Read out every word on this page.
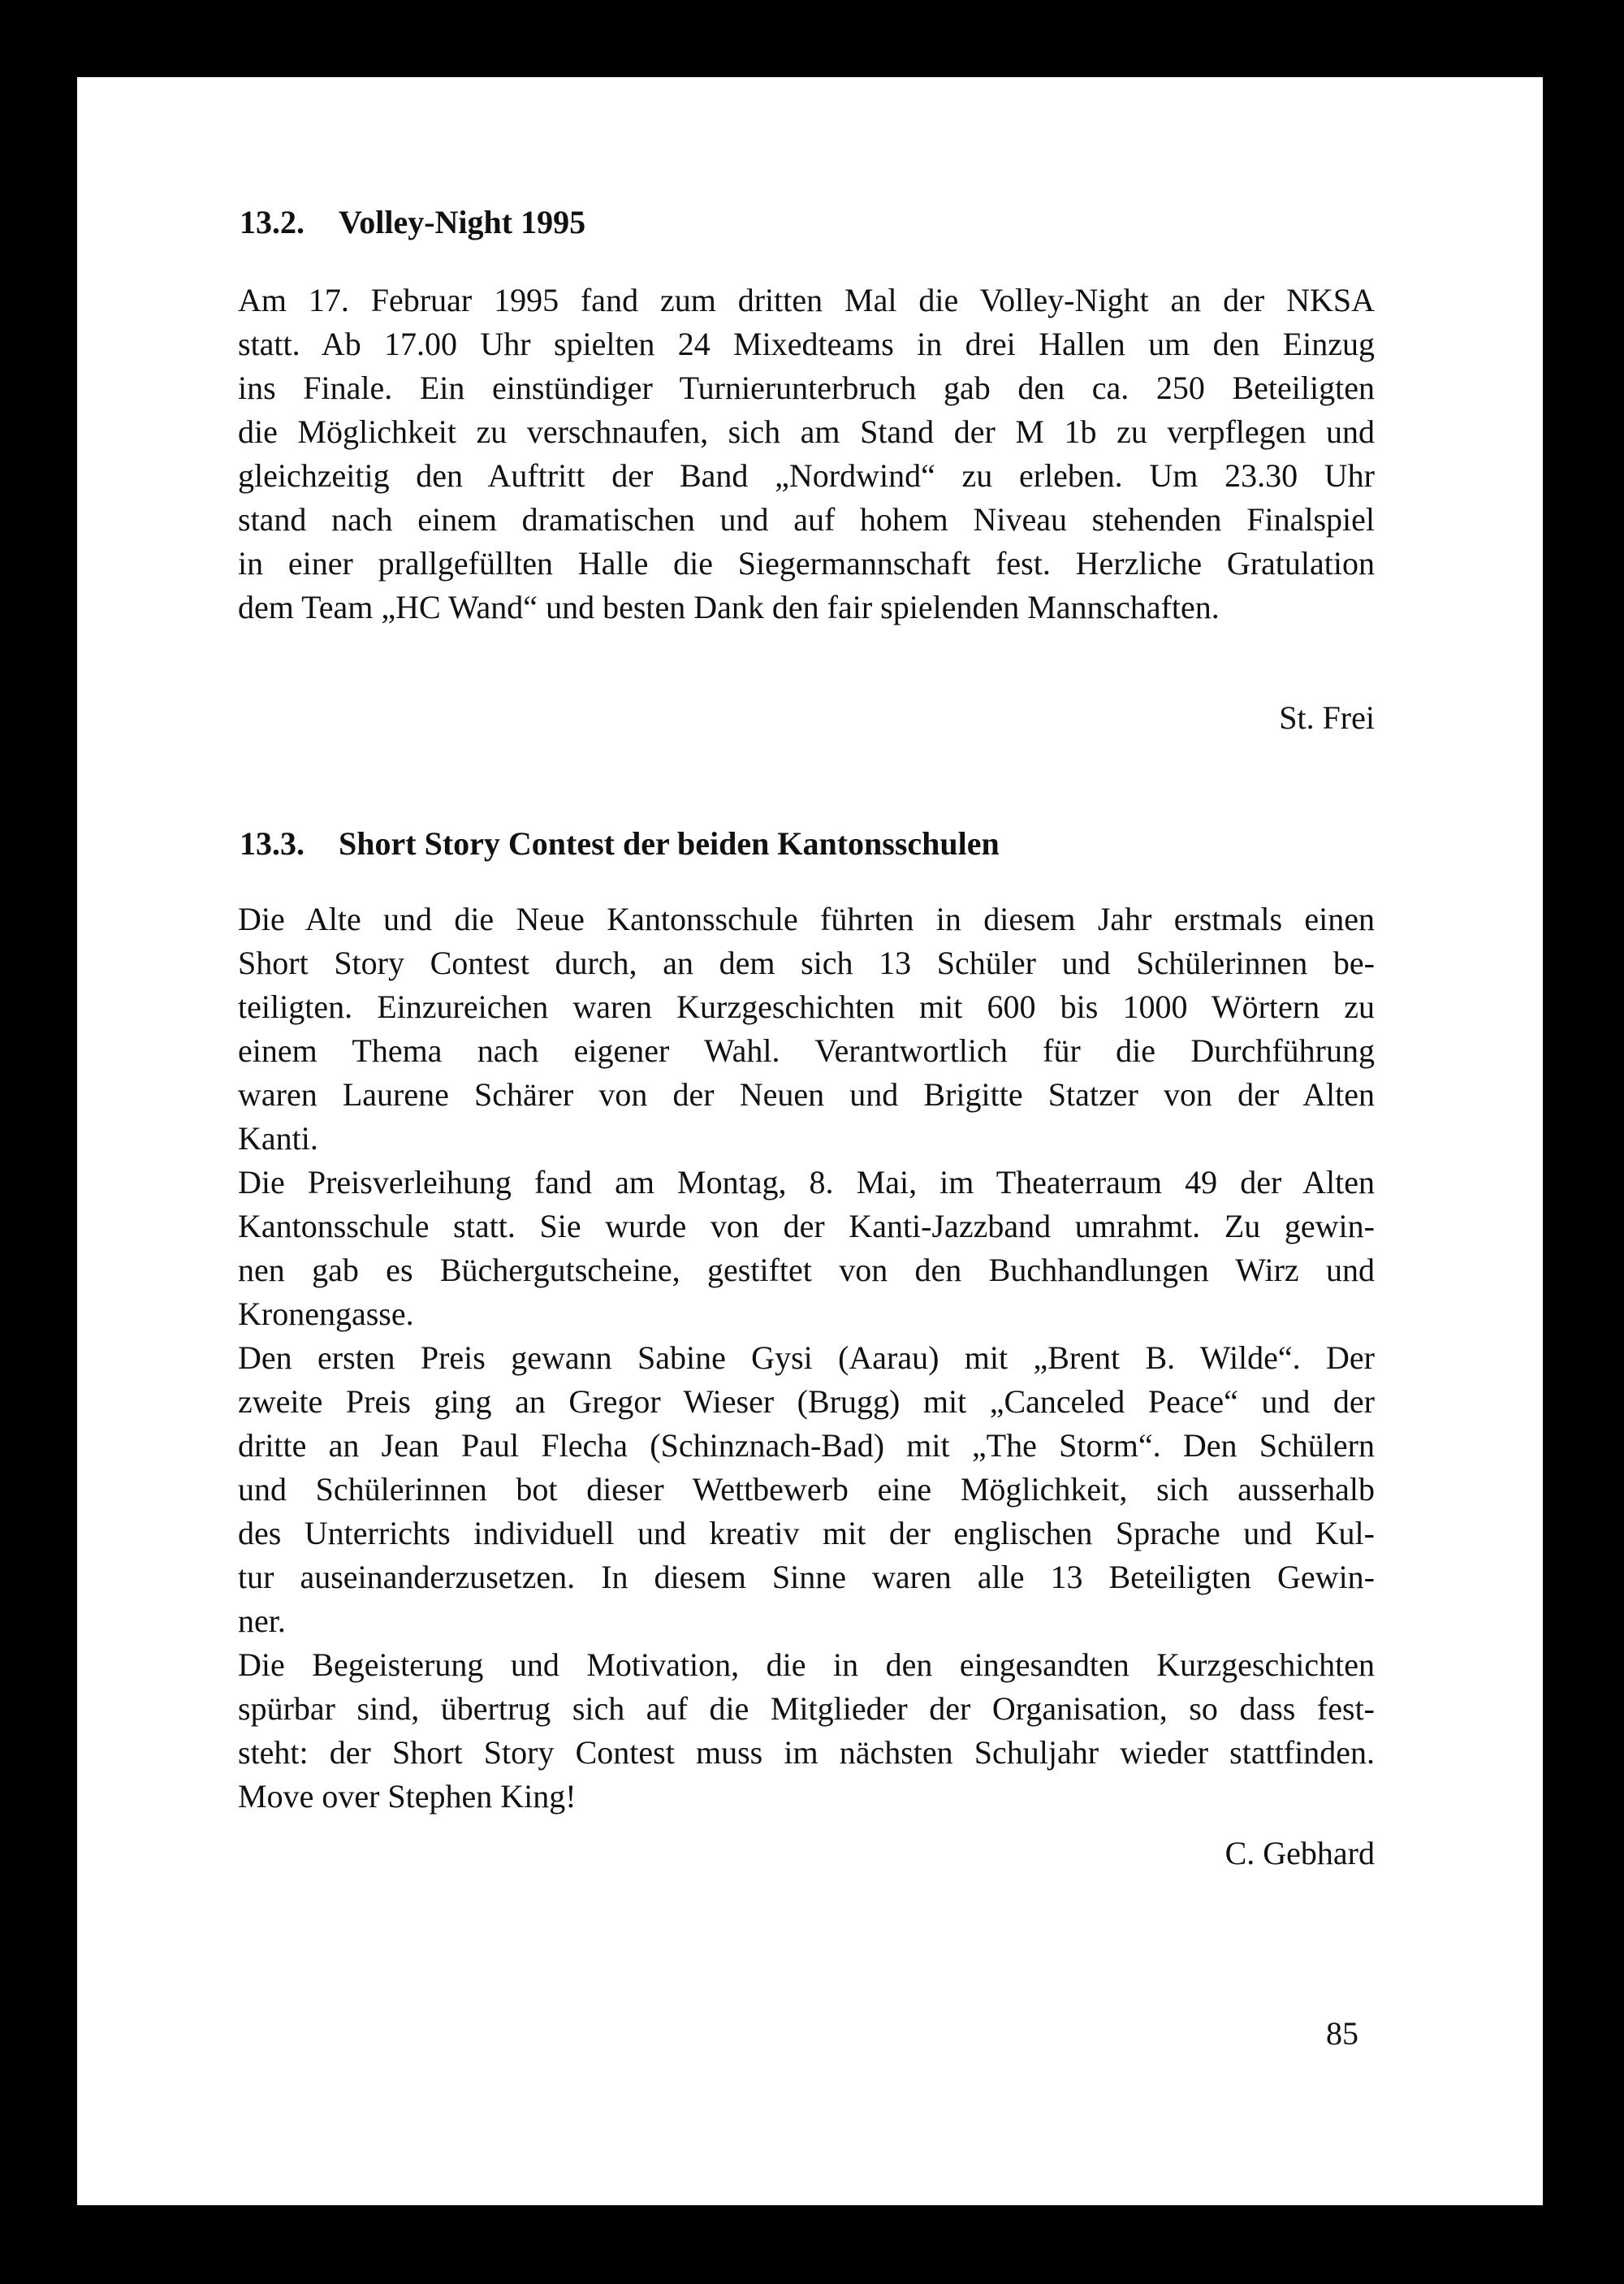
13.2. Volley-Night 1995
Am 17. Februar 1995 fand zum dritten Mal die Volley-Night an der NKSA
statt. Ab 17.00 Uhr spielten 24 Mixedteams in drei Hallen um den Einzug
ins Finale. Ein einstündiger Turnierunterbruch gab den ca. 250 Beteiligten
die Möglichkeit zu verschnaufen, sich am Stand der M 1b zu verpflegen und
gleichzeitig den Auftritt der Band „Nordwind“ zu erleben. Um 23.30 Uhr
stand nach einem dramatischen und auf hohem Niveau stehenden Finalspiel
in einer prallgefüllten Halle die Siegermannschaft fest. Herzliche Gratulation
dem Team „HC Wand“ und besten Dank den fair spielenden Mannschaften.
St. Frei
13.3. Short Story Contest der beiden Kantonsschulen
Die Alte und die Neue Kantonsschule führten in diesem Jahr erstmals einen
Short Story Contest durch, an dem sich 13 Schüler und Schülerinnen be-
teiligten. Einzureichen waren Kurzgeschichten mit 600 bis 1000 Wörtern zu
einem Thema nach eigener Wahl. Verantwortlich für die Durchführung
waren Laurene Schärer von der Neuen und Brigitte Statzer von der Alten
Kanti.
Die Preisverleihung fand am Montag, 8. Mai, im Theaterraum 49 der Alten
Kantonsschule statt. Sie wurde von der Kanti-Jazzband umrahmt. Zu gewin-
nen gab es Büchergutscheine, gestiftet von den Buchhandlungen Wirz und
Kronengasse.
Den ersten Preis gewann Sabine Gysi (Aarau) mit „Brent B. Wilde“. Der
zweite Preis ging an Gregor Wieser (Brugg) mit „Canceled Peace“ und der
dritte an Jean Paul Flecha (Schinznach-Bad) mit „The Storm“. Den Schülern
und Schülerinnen bot dieser Wettbewerb eine Möglichkeit, sich ausserhalb
des Unterrichts individuell und kreativ mit der englischen Sprache und Kul-
tur auseinanderzusetzen. In diesem Sinne waren alle 13 Beteiligten Gewin-
ner.
Die Begeisterung und Motivation, die in den eingesandten Kurzgeschichten
spürbar sind, übertrug sich auf die Mitglieder der Organisation, so dass fest-
steht: der Short Story Contest muss im nächsten Schuljahr wieder stattfinden.
Move over Stephen King!
C. Gebhard
85
